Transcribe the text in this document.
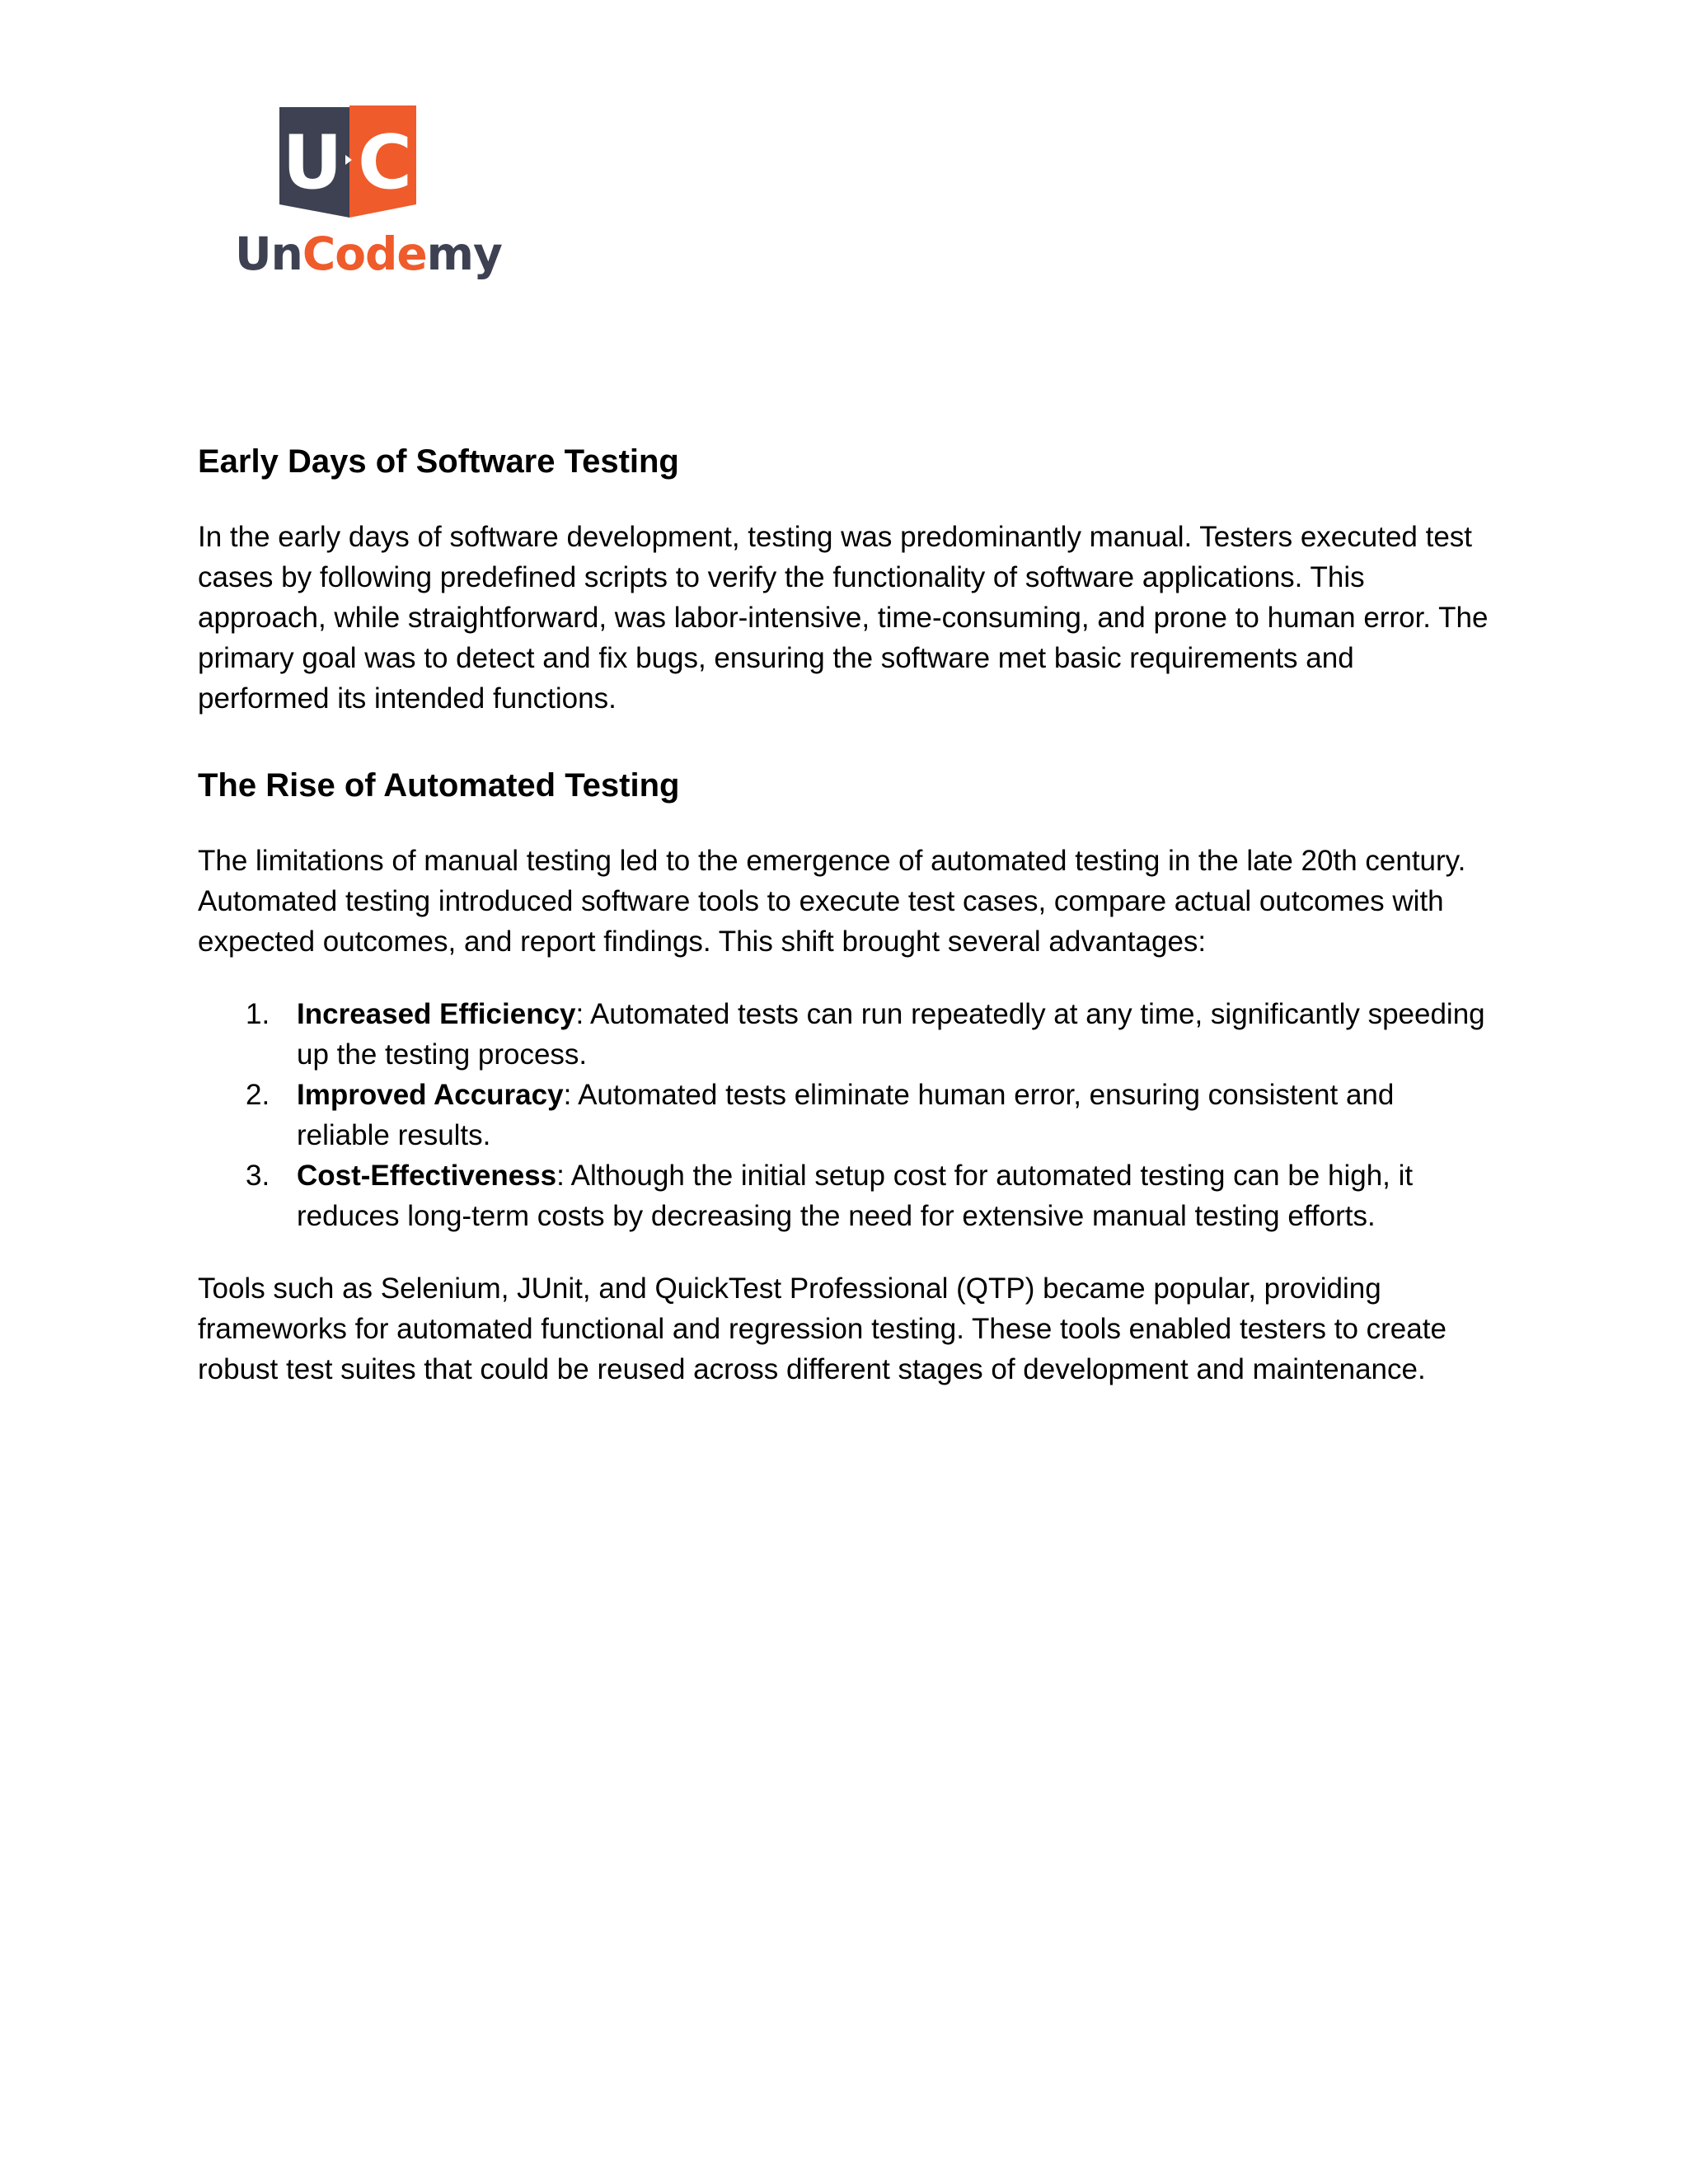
U C
UnCodemy
Early Days of Software Testing

In the early days of software development, testing was predominantly manual. Testers executed test cases by following predefined scripts to verify the functionality of software applications. This approach, while straightforward, was labor-intensive, time-consuming, and prone to human error. The primary goal was to detect and fix bugs, ensuring the software met basic requirements and performed its intended functions.

The Rise of Automated Testing

The limitations of manual testing led to the emergence of automated testing in the late 20th century. Automated testing introduced software tools to execute test cases, compare actual outcomes with expected outcomes, and report findings. This shift brought several advantages:

1. Increased Efficiency: Automated tests can run repeatedly at any time, significantly speeding up the testing process.
2. Improved Accuracy: Automated tests eliminate human error, ensuring consistent and reliable results.
3. Cost-Effectiveness: Although the initial setup cost for automated testing can be high, it reduces long-term costs by decreasing the need for extensive manual testing efforts.

Tools such as Selenium, JUnit, and QuickTest Professional (QTP) became popular, providing frameworks for automated functional and regression testing. These tools enabled testers to create robust test suites that could be reused across different stages of development and maintenance.
